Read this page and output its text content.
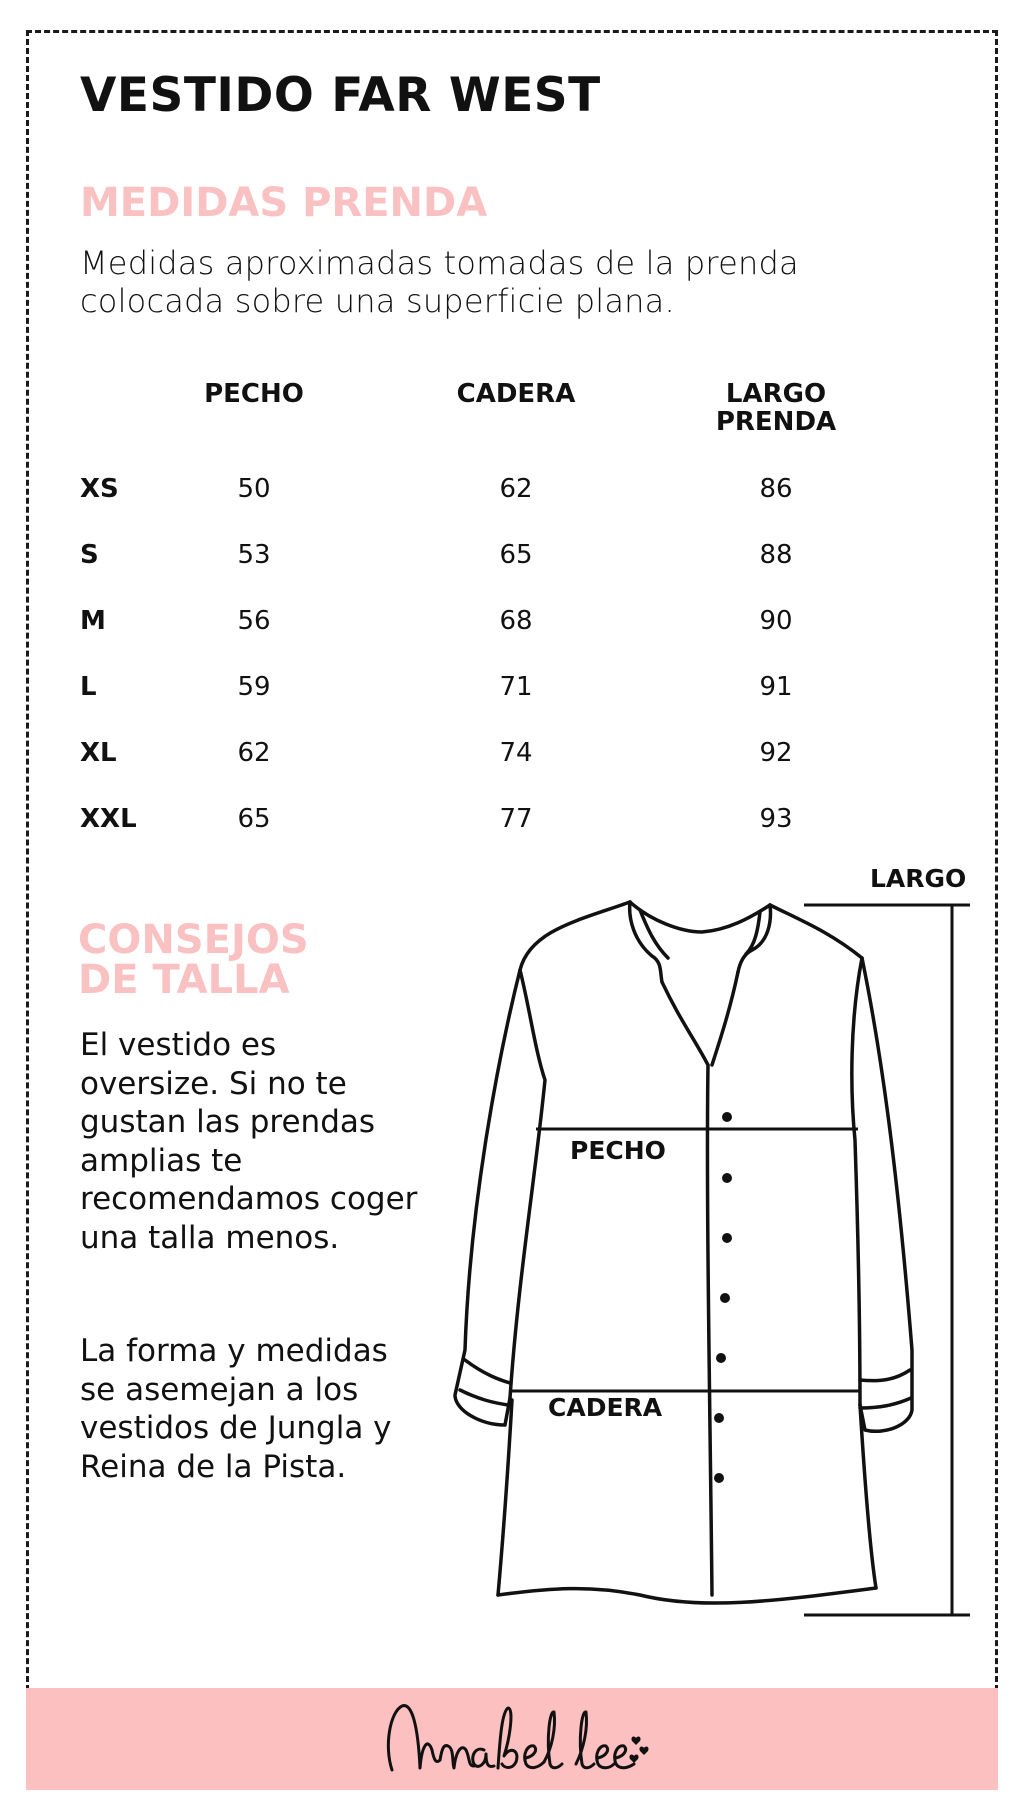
VESTIDO FAR WEST
MEDIDAS PRENDA
Medidas aproximadas tomadas de la prenda colocada sobre una superficie plana.
PECHO	CADERA	LARGO
PRENDA
XS	50	62	86
S	53	65	88
M	56	68	90
L	59	71	91
XL	62	74	92
XXL	65	77	93
CONSEJOS
DE TALLA

El vestido es oversize. Si no te gustan las prendas amplias te recomendamos coger una talla menos.

La forma y medidas se asemejan a los vestidos de Jungla y Reina de la Pista.

PECHO
CADERA
LARGO
